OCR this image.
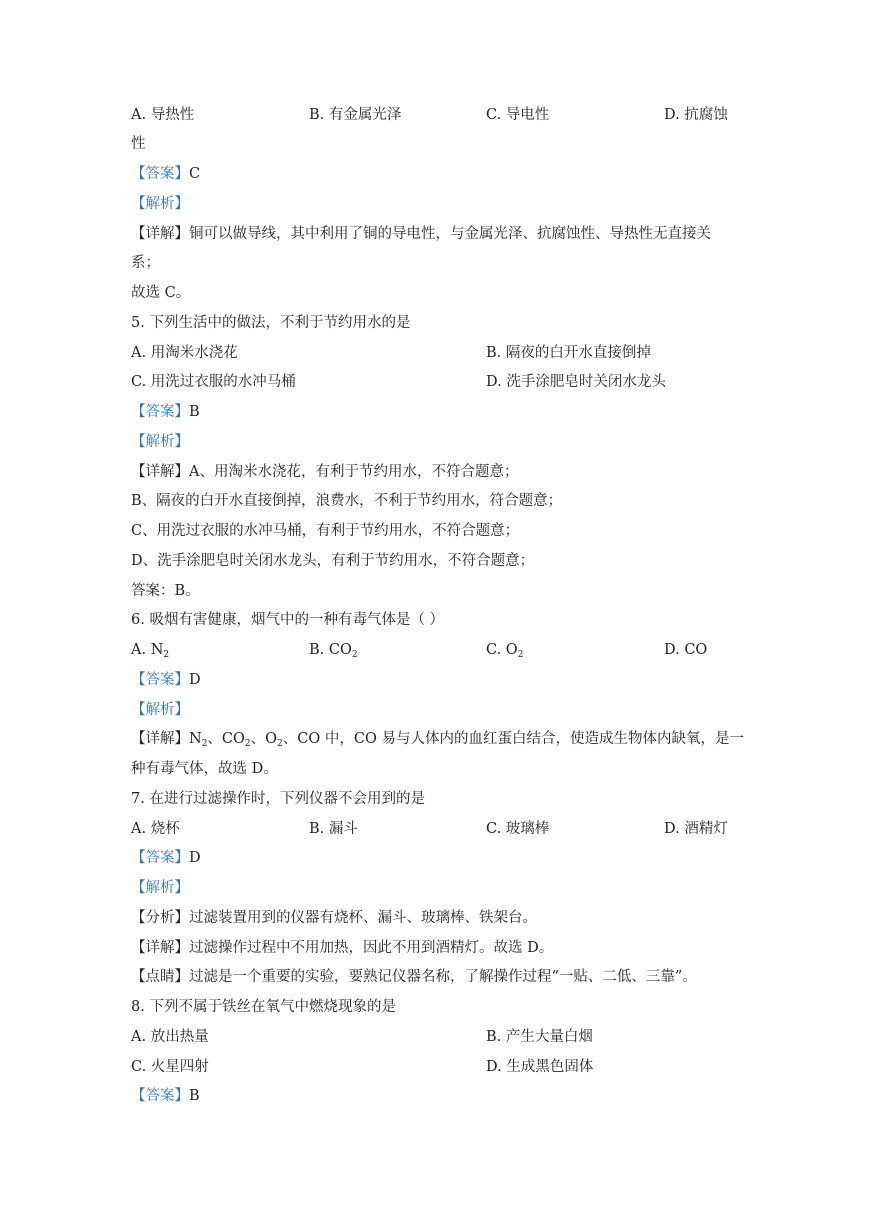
A. 导热性	B. 有金属光泽	C. 导电性	D. 抗腐蚀
性
【答案】C
【解析】
【详解】铜可以做导线，其中利用了铜的导电性，与金属光泽、抗腐蚀性、导热性无直接关
系；
故选 C。
5. 下列生活中的做法，不利于节约用水的是
A. 用淘米水浇花	B. 隔夜的白开水直接倒掉
C. 用洗过衣服的水冲马桶	D. 洗手涂肥皂时关闭水龙头
【答案】B
【解析】
【详解】A、用淘米水浇花，有利于节约用水，不符合题意；
B、隔夜的白开水直接倒掉，浪费水，不利于节约用水，符合题意；
C、用洗过衣服的水冲马桶，有利于节约用水，不符合题意；
D、洗手涂肥皂时关闭水龙头，有利于节约用水，不符合题意；
答案：B。
6. 吸烟有害健康，烟气中的一种有毒气体是（ ）
A. $N_2$	B. $CO_2$	C. $O_2$	D. CO
【答案】D
【解析】
【详解】$N_2$、$CO_2$、$O_2$、CO 中，CO 易与人体内的血红蛋白结合，使造成生物体内缺氧，是一
种有毒气体，故选 D。
7. 在进行过滤操作时，下列仪器不会用到的是
A. 烧杯	B. 漏斗	C. 玻璃棒	D. 酒精灯
【答案】D
【解析】
【分析】过滤装置用到的仪器有烧杯、漏斗、玻璃棒、铁架台。
【详解】过滤操作过程中不用加热，因此不用到酒精灯。故选 D。
【点睛】过滤是一个重要的实验，要熟记仪器名称，了解操作过程“一贴、二低、三靠”。
8. 下列不属于铁丝在氧气中燃烧现象的是
A. 放出热量	B. 产生大量白烟
C. 火星四射	D. 生成黑色固体
【答案】B
